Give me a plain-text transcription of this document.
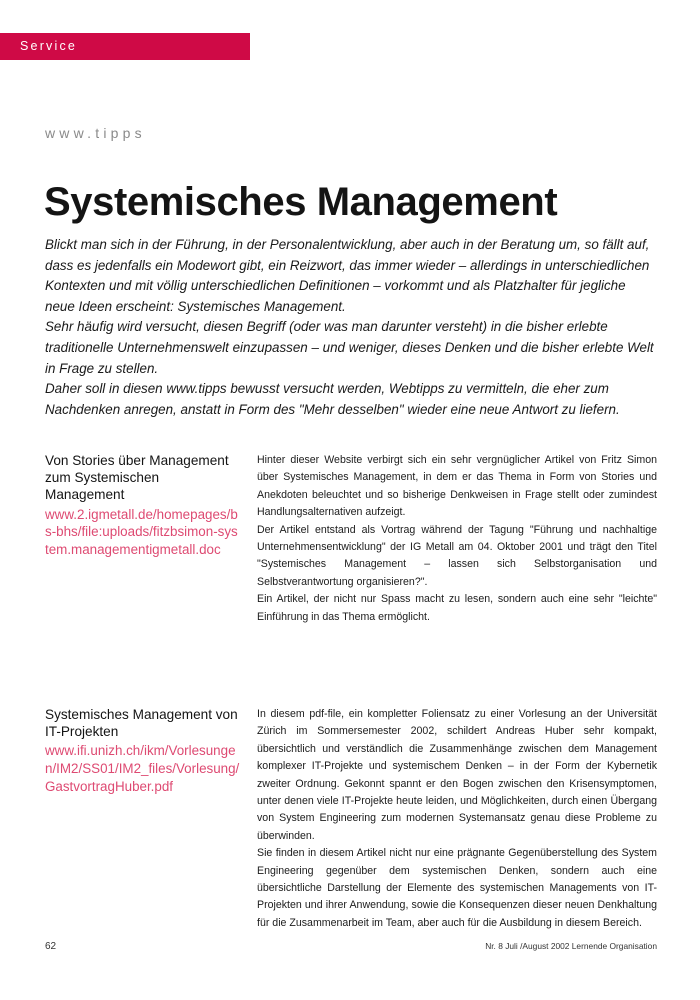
Service
www.tipps
Systemisches Management

Blickt man sich in der Führung, in der Personalentwicklung, aber auch in der Beratung um, so fällt auf, dass es jedenfalls ein Modewort gibt, ein Reizwort, das immer wieder – allerdings in unterschiedlichen Kontexten und mit völlig unterschiedlichen Definitionen – vorkommt und als Platzhalter für jegliche neue Ideen erscheint: Systemisches Management.

Sehr häufig wird versucht, diesen Begriff (oder was man darunter versteht) in die bisher erlebte traditionelle Unternehmenswelt einzupassen – und weniger, dieses Denken und die bisher erlebte Welt in Frage zu stellen.

Daher soll in diesen www.tipps bewusst versucht werden, Webtipps zu vermitteln, die eher zum Nachdenken anregen, anstatt in Form des "Mehr desselben" wieder eine neue Antwort zu liefern.

Von Stories über Management zum Systemischen Management
www.2.igmetall.de/homepages/bs-bhs/file:uploads/fitzbsimon-system.managementigmetall.doc

Hinter dieser Website verbirgt sich ein sehr vergnüglicher Artikel von Fritz Simon über Systemisches Management, in dem er das Thema in Form von Stories und Anekdoten beleuchtet und so bisherige Denkweisen in Frage stellt oder zumindest Handlungsalternativen aufzeigt.

Der Artikel entstand als Vortrag während der Tagung "Führung und nachhaltige Unternehmensentwicklung" der IG Metall am 04. Oktober 2001 und trägt den Titel "Systemisches Management – lassen sich Selbstorganisation und Selbstverantwortung organisieren?".

Ein Artikel, der nicht nur Spass macht zu lesen, sondern auch eine sehr "leichte" Einführung in das Thema ermöglicht.

Systemisches Management von IT-Projekten
www.ifi.unizh.ch/ikm/Vorlesungen/IM2/SS01/IM2_files/Vorlesung/GastvortragHuber.pdf

In diesem pdf-file, ein kompletter Foliensatz zu einer Vorlesung an der Universität Zürich im Sommersemester 2002, schildert Andreas Huber sehr kompakt, übersichtlich und verständlich die Zusammenhänge zwischen dem Management komplexer IT-Projekte und systemischem Denken – in der Form der Kybernetik zweiter Ordnung. Gekonnt spannt er den Bogen zwischen den Krisensymptomen, unter denen viele IT-Projekte heute leiden, und Möglichkeiten, durch einen Übergang von System Engineering zum modernen Systemansatz genau diese Probleme zu überwinden.

Sie finden in diesem Artikel nicht nur eine prägnante Gegenüberstellung des System Engineering gegenüber dem systemischen Denken, sondern auch eine übersichtliche Darstellung der Elemente des systemischen Managements von IT-Projekten und ihrer Anwendung, sowie die Konsequenzen dieser neuen Denkhaltung für die Zusammenarbeit im Team, aber auch für die Ausbildung in diesem Bereich.

62	Nr. 8 Juli /August 2002 Lernende Organisation
